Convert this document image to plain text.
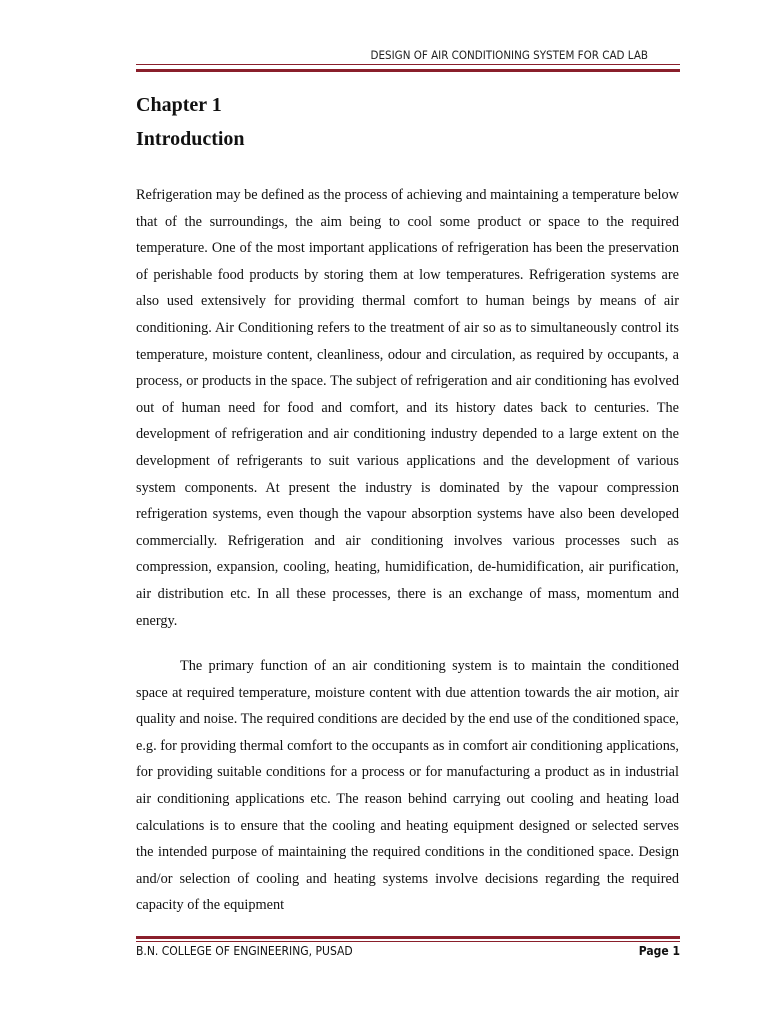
DESIGN OF AIR CONDITIONING SYSTEM FOR CAD LAB
Chapter 1
Introduction

Refrigeration may be defined as the process of achieving and maintaining a temperature below that of the surroundings, the aim being to cool some product or space to the required temperature. One of the most important applications of refrigeration has been the preservation of perishable food products by storing them at low temperatures. Refrigeration systems are also used extensively for providing thermal comfort to human beings by means of air conditioning. Air Conditioning refers to the treatment of air so as to simultaneously control its temperature, moisture content, cleanliness, odour and circulation, as required by occupants, a process, or products in the space. The subject of refrigeration and air conditioning has evolved out of human need for food and comfort, and its history dates back to centuries. The development of refrigeration and air conditioning industry depended to a large extent on the development of refrigerants to suit various applications and the development of various system components. At present the industry is dominated by the vapour compression refrigeration systems, even though the vapour absorption systems have also been developed commercially. Refrigeration and air conditioning involves various processes such as compression, expansion, cooling, heating, humidification, de-humidification, air purification, air distribution etc. In all these processes, there is an exchange of mass, momentum and energy.

The primary function of an air conditioning system is to maintain the conditioned space at required temperature, moisture content with due attention towards the air motion, air quality and noise. The required conditions are decided by the end use of the conditioned space, e.g. for providing thermal comfort to the occupants as in comfort air conditioning applications, for providing suitable conditions for a process or for manufacturing a product as in industrial air conditioning applications etc. The reason behind carrying out cooling and heating load calculations is to ensure that the cooling and heating equipment designed or selected serves the intended purpose of maintaining the required conditions in the conditioned space. Design and/or selection of cooling and heating systems involve decisions regarding the required capacity of the equipment

B.N. COLLEGE OF ENGINEERING, PUSAD	Page 1
